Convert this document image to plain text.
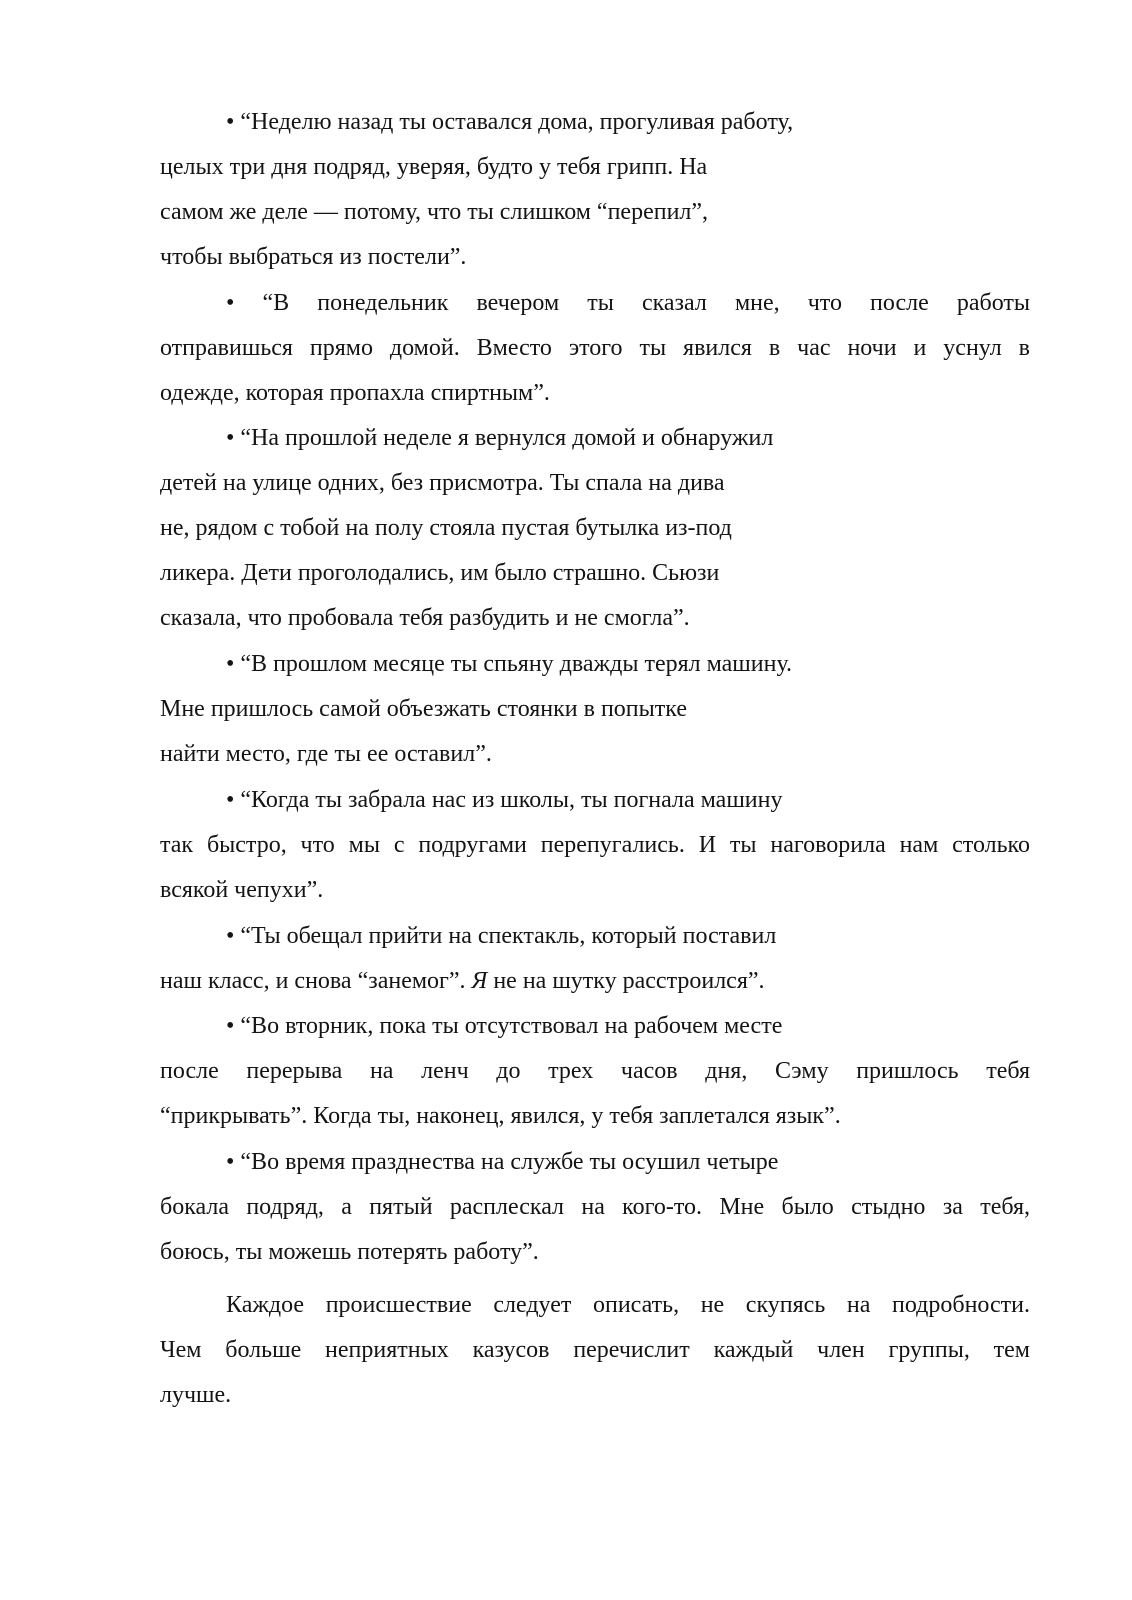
• “Неделю назад ты оставался дома, прогуливая работу,
целых три дня подряд, уверяя, будто у тебя грипп. На
самом же деле — потому, что ты слишком “перепил”,
чтобы выбраться из постели”.
• “В понедельник вечером ты сказал мне, что после работы
отправишься прямо домой. Вместо этого ты явился в час ночи и уснул в
одежде, которая пропахла спиртным”.
• “На прошлой неделе я вернулся домой и обнаружил
детей на улице одних, без присмотра. Ты спала на дива
не, рядом с тобой на полу стояла пустая бутылка из-под
ликера. Дети проголодались, им было страшно. Сьюзи
сказала, что пробовала тебя разбудить и не смогла”.
• “В прошлом месяце ты спьяну дважды терял машину.
Мне пришлось самой объезжать стоянки в попытке
найти место, где ты ее оставил”.
• “Когда ты забрала нас из школы, ты погнала машину
так быстро, что мы с подругами перепугались. И ты наговорила нам столько
всякой чепухи”.
• “Ты обещал прийти на спектакль, который поставил
наш класс, и снова “занемог”. Я не на шутку расстроился”.
• “Во вторник, пока ты отсутствовал на рабочем месте
после перерыва на ленч до трех часов дня, Сэму пришлось тебя
“прикрывать”. Когда ты, наконец, явился, у тебя заплетался язык”.
• “Во время празднества на службе ты осушил четыре
бокала подряд, а пятый расплескал на кого-то. Мне было стыдно за тебя,
боюсь, ты можешь потерять работу”.
Каждое происшествие следует описать, не скупясь на подробности.
Чем больше неприятных казусов перечислит каждый член группы, тем
лучше.
